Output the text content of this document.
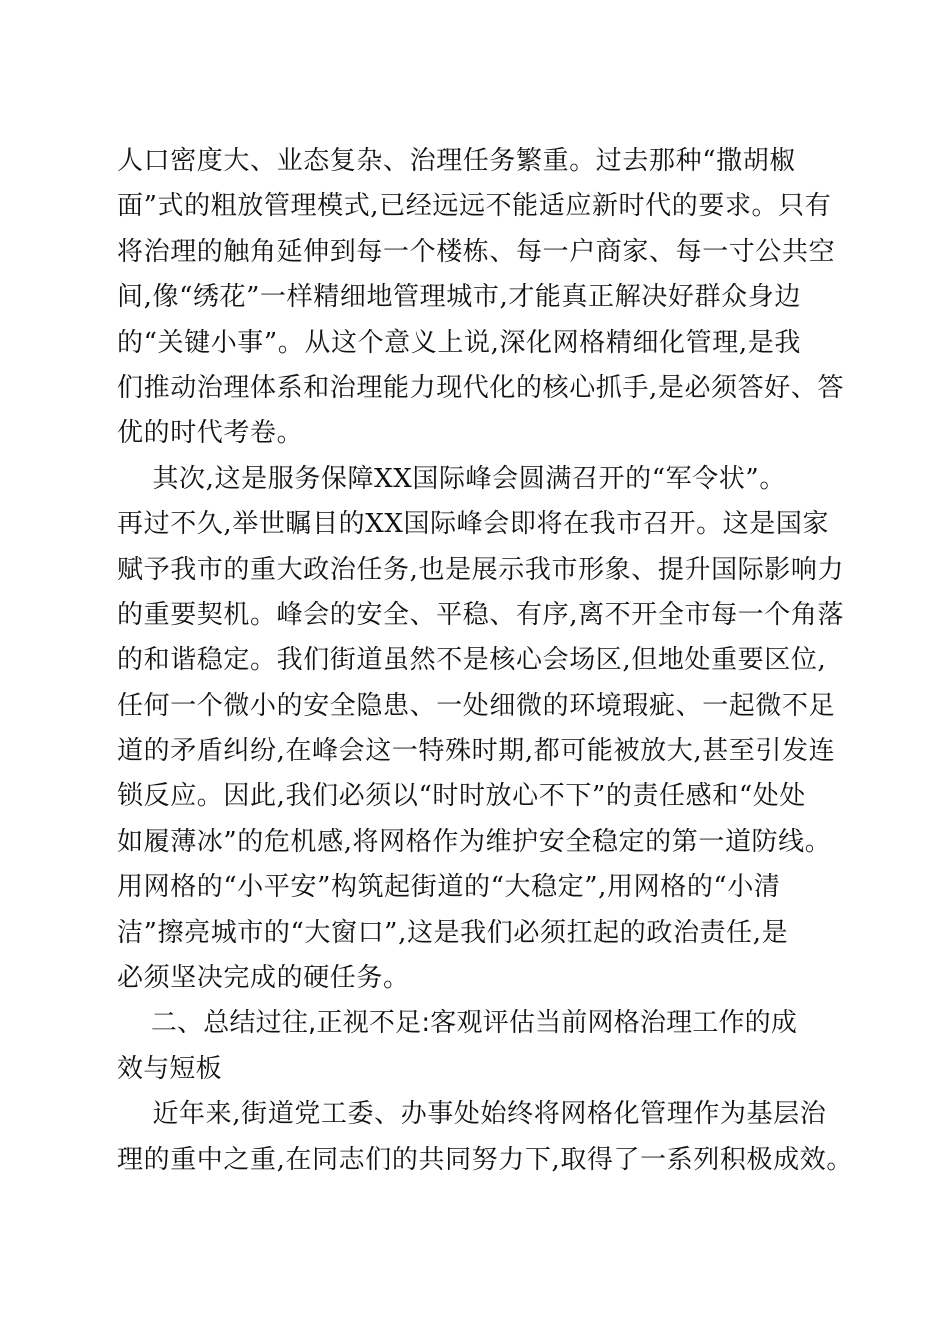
人口密度大、业态复杂、治理任务繁重。过去那种“撒胡椒
面”式的粗放管理模式,已经远远不能适应新时代的要求。只有
将治理的触角延伸到每一个楼栋、每一户商家、每一寸公共空
间,像“绣花”一样精细地管理城市,才能真正解决好群众身边
的“关键小事”。从这个意义上说,深化网格精细化管理,是我
们推动治理体系和治理能力现代化的核心抓手,是必须答好、答
优的时代考卷。
其次,这是服务保障XX国际峰会圆满召开的“军令状”。
再过不久,举世瞩目的XX国际峰会即将在我市召开。这是国家
赋予我市的重大政治任务,也是展示我市形象、提升国际影响力
的重要契机。峰会的安全、平稳、有序,离不开全市每一个角落
的和谐稳定。我们街道虽然不是核心会场区,但地处重要区位,
任何一个微小的安全隐患、一处细微的环境瑕疵、一起微不足
道的矛盾纠纷,在峰会这一特殊时期,都可能被放大,甚至引发连
锁反应。因此,我们必须以“时时放心不下”的责任感和“处处
如履薄冰”的危机感,将网格作为维护安全稳定的第一道防线。
用网格的“小平安”构筑起街道的“大稳定”,用网格的“小清
洁”擦亮城市的“大窗口”,这是我们必须扛起的政治责任,是
必须坚决完成的硬任务。
二、总结过往,正视不足:客观评估当前网格治理工作的成
效与短板
近年来,街道党工委、办事处始终将网格化管理作为基层治
理的重中之重,在同志们的共同努力下,取得了一系列积极成效。
